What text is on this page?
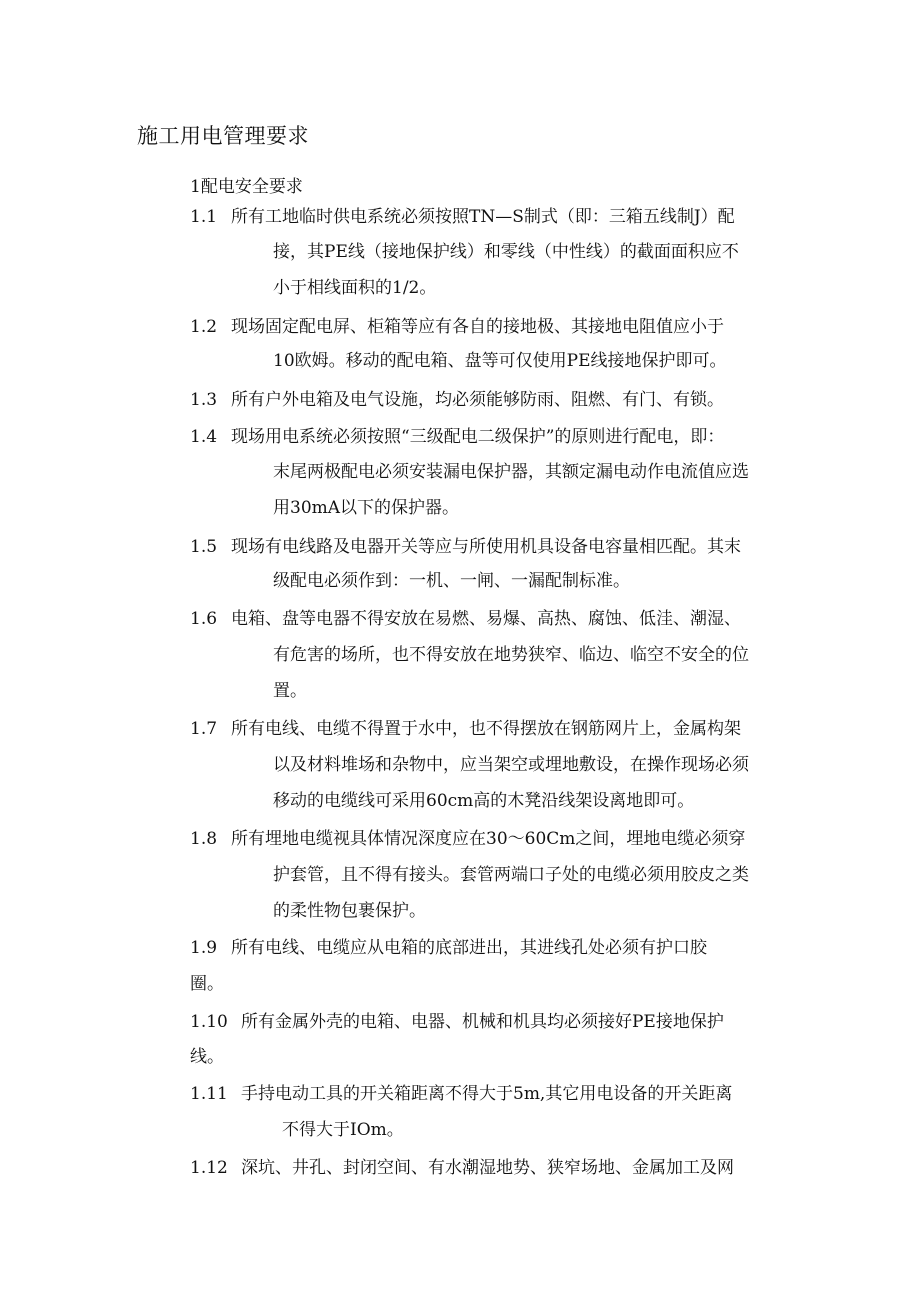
施工用电管理要求
1配电安全要求
1.1 所有工地临时供电系统必须按照TN—S制式（即：三箱五线制J）配
接，其PE线（接地保护线）和零线（中性线）的截面面积应不
小于相线面积的1/2。
1.2 现场固定配电屏、柜箱等应有各自的接地极、其接地电阻值应小于
10欧姆。移动的配电箱、盘等可仅使用PE线接地保护即可。
1.3 所有户外电箱及电气设施，均必须能够防雨、阻燃、有门、有锁。
1.4 现场用电系统必须按照“三级配电二级保护”的原则进行配电，即：
末尾两极配电必须安装漏电保护器，其额定漏电动作电流值应选
用30mA以下的保护器。
1.5 现场有电线路及电器开关等应与所使用机具设备电容量相匹配。其末
级配电必须作到：一机、一闸、一漏配制标准。
1.6 电箱、盘等电器不得安放在易燃、易爆、高热、腐蚀、低洼、潮湿、
有危害的场所，也不得安放在地势狭窄、临边、临空不安全的位
置。
1.7 所有电线、电缆不得置于水中，也不得摆放在钢筋网片上，金属构架
以及材料堆场和杂物中，应当架空或埋地敷设，在操作现场必须
移动的电缆线可采用60cm高的木凳沿线架设离地即可。
1.8 所有埋地电缆视具体情况深度应在30～60Cm之间，埋地电缆必须穿
护套管，且不得有接头。套管两端口子处的电缆必须用胶皮之类
的柔性物包裹保护。
1.9 所有电线、电缆应从电箱的底部进出，其进线孔处必须有护口胶
圈。
1.10 所有金属外壳的电箱、电器、机械和机具均必须接好PE接地保护
线。
1.11 手持电动工具的开关箱距离不得大于5m,其它用电设备的开关距离
不得大于IOm。
1.12 深坑、井孔、封闭空间、有水潮湿地势、狭窄场地、金属加工及网
